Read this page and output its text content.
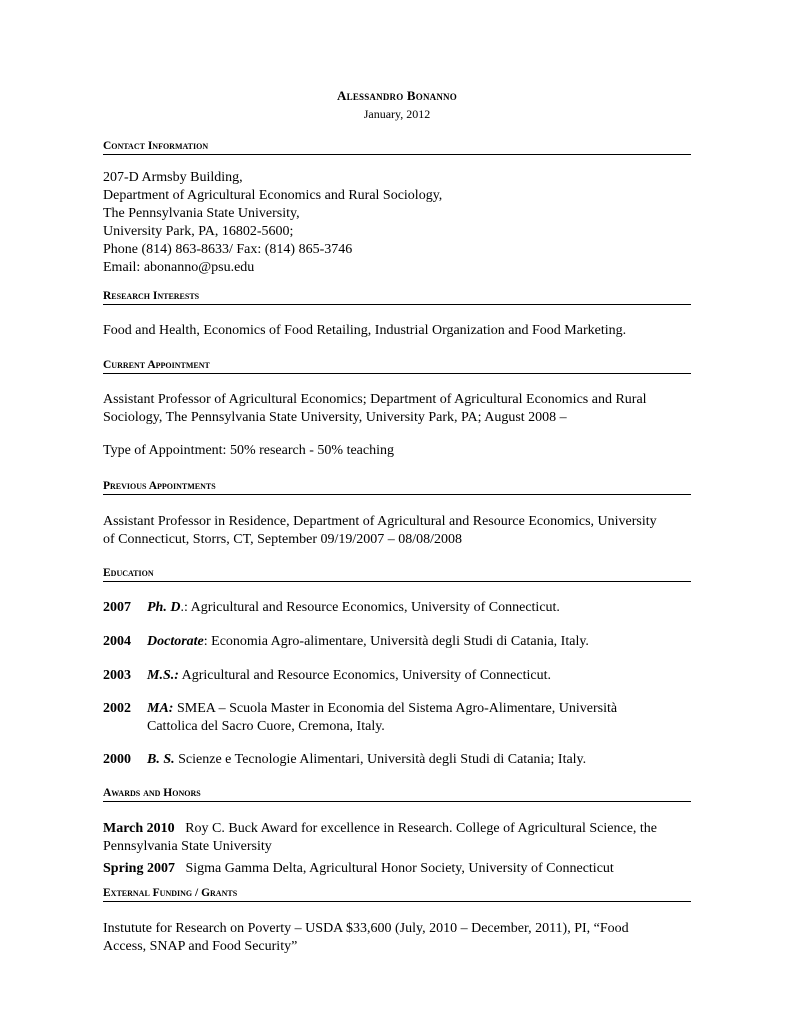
Alessandro Bonanno
January, 2012
Contact Information
207-D Armsby Building,
Department of Agricultural Economics and Rural Sociology,
The Pennsylvania State University,
University Park, PA, 16802-5600;
Phone (814) 863-8633/ Fax: (814) 865-3746
Email: abonanno@psu.edu
Research Interests
Food and Health, Economics of Food Retailing, Industrial Organization and Food Marketing.
Current Appointment
Assistant Professor of Agricultural Economics; Department of Agricultural Economics and Rural
Sociology, The Pennsylvania State University, University Park, PA; August 2008 –
Type of Appointment: 50% research - 50% teaching
Previous Appointments
Assistant Professor in Residence, Department of Agricultural and Resource Economics, University
of Connecticut, Storrs, CT, September 09/19/2007 – 08/08/2008
Education
2007 Ph. D.: Agricultural and Resource Economics, University of Connecticut.
2004 Doctorate: Economia Agro-alimentare, Università degli Studi di Catania, Italy.
2003 M.S.: Agricultural and Resource Economics, University of Connecticut.
2002 MA: SMEA – Scuola Master in Economia del Sistema Agro-Alimentare, Università
Cattolica del Sacro Cuore, Cremona, Italy.
2000 B. S. Scienze e Tecnologie Alimentari, Università degli Studi di Catania; Italy.
Awards and Honors
March 2010 Roy C. Buck Award for excellence in Research. College of Agricultural Science, the
Pennsylvania State University
Spring 2007 Sigma Gamma Delta, Agricultural Honor Society, University of Connecticut
External Funding / Grants
Instutute for Research on Poverty – USDA $33,600 (July, 2010 – December, 2011), PI, “Food
Access, SNAP and Food Security”
